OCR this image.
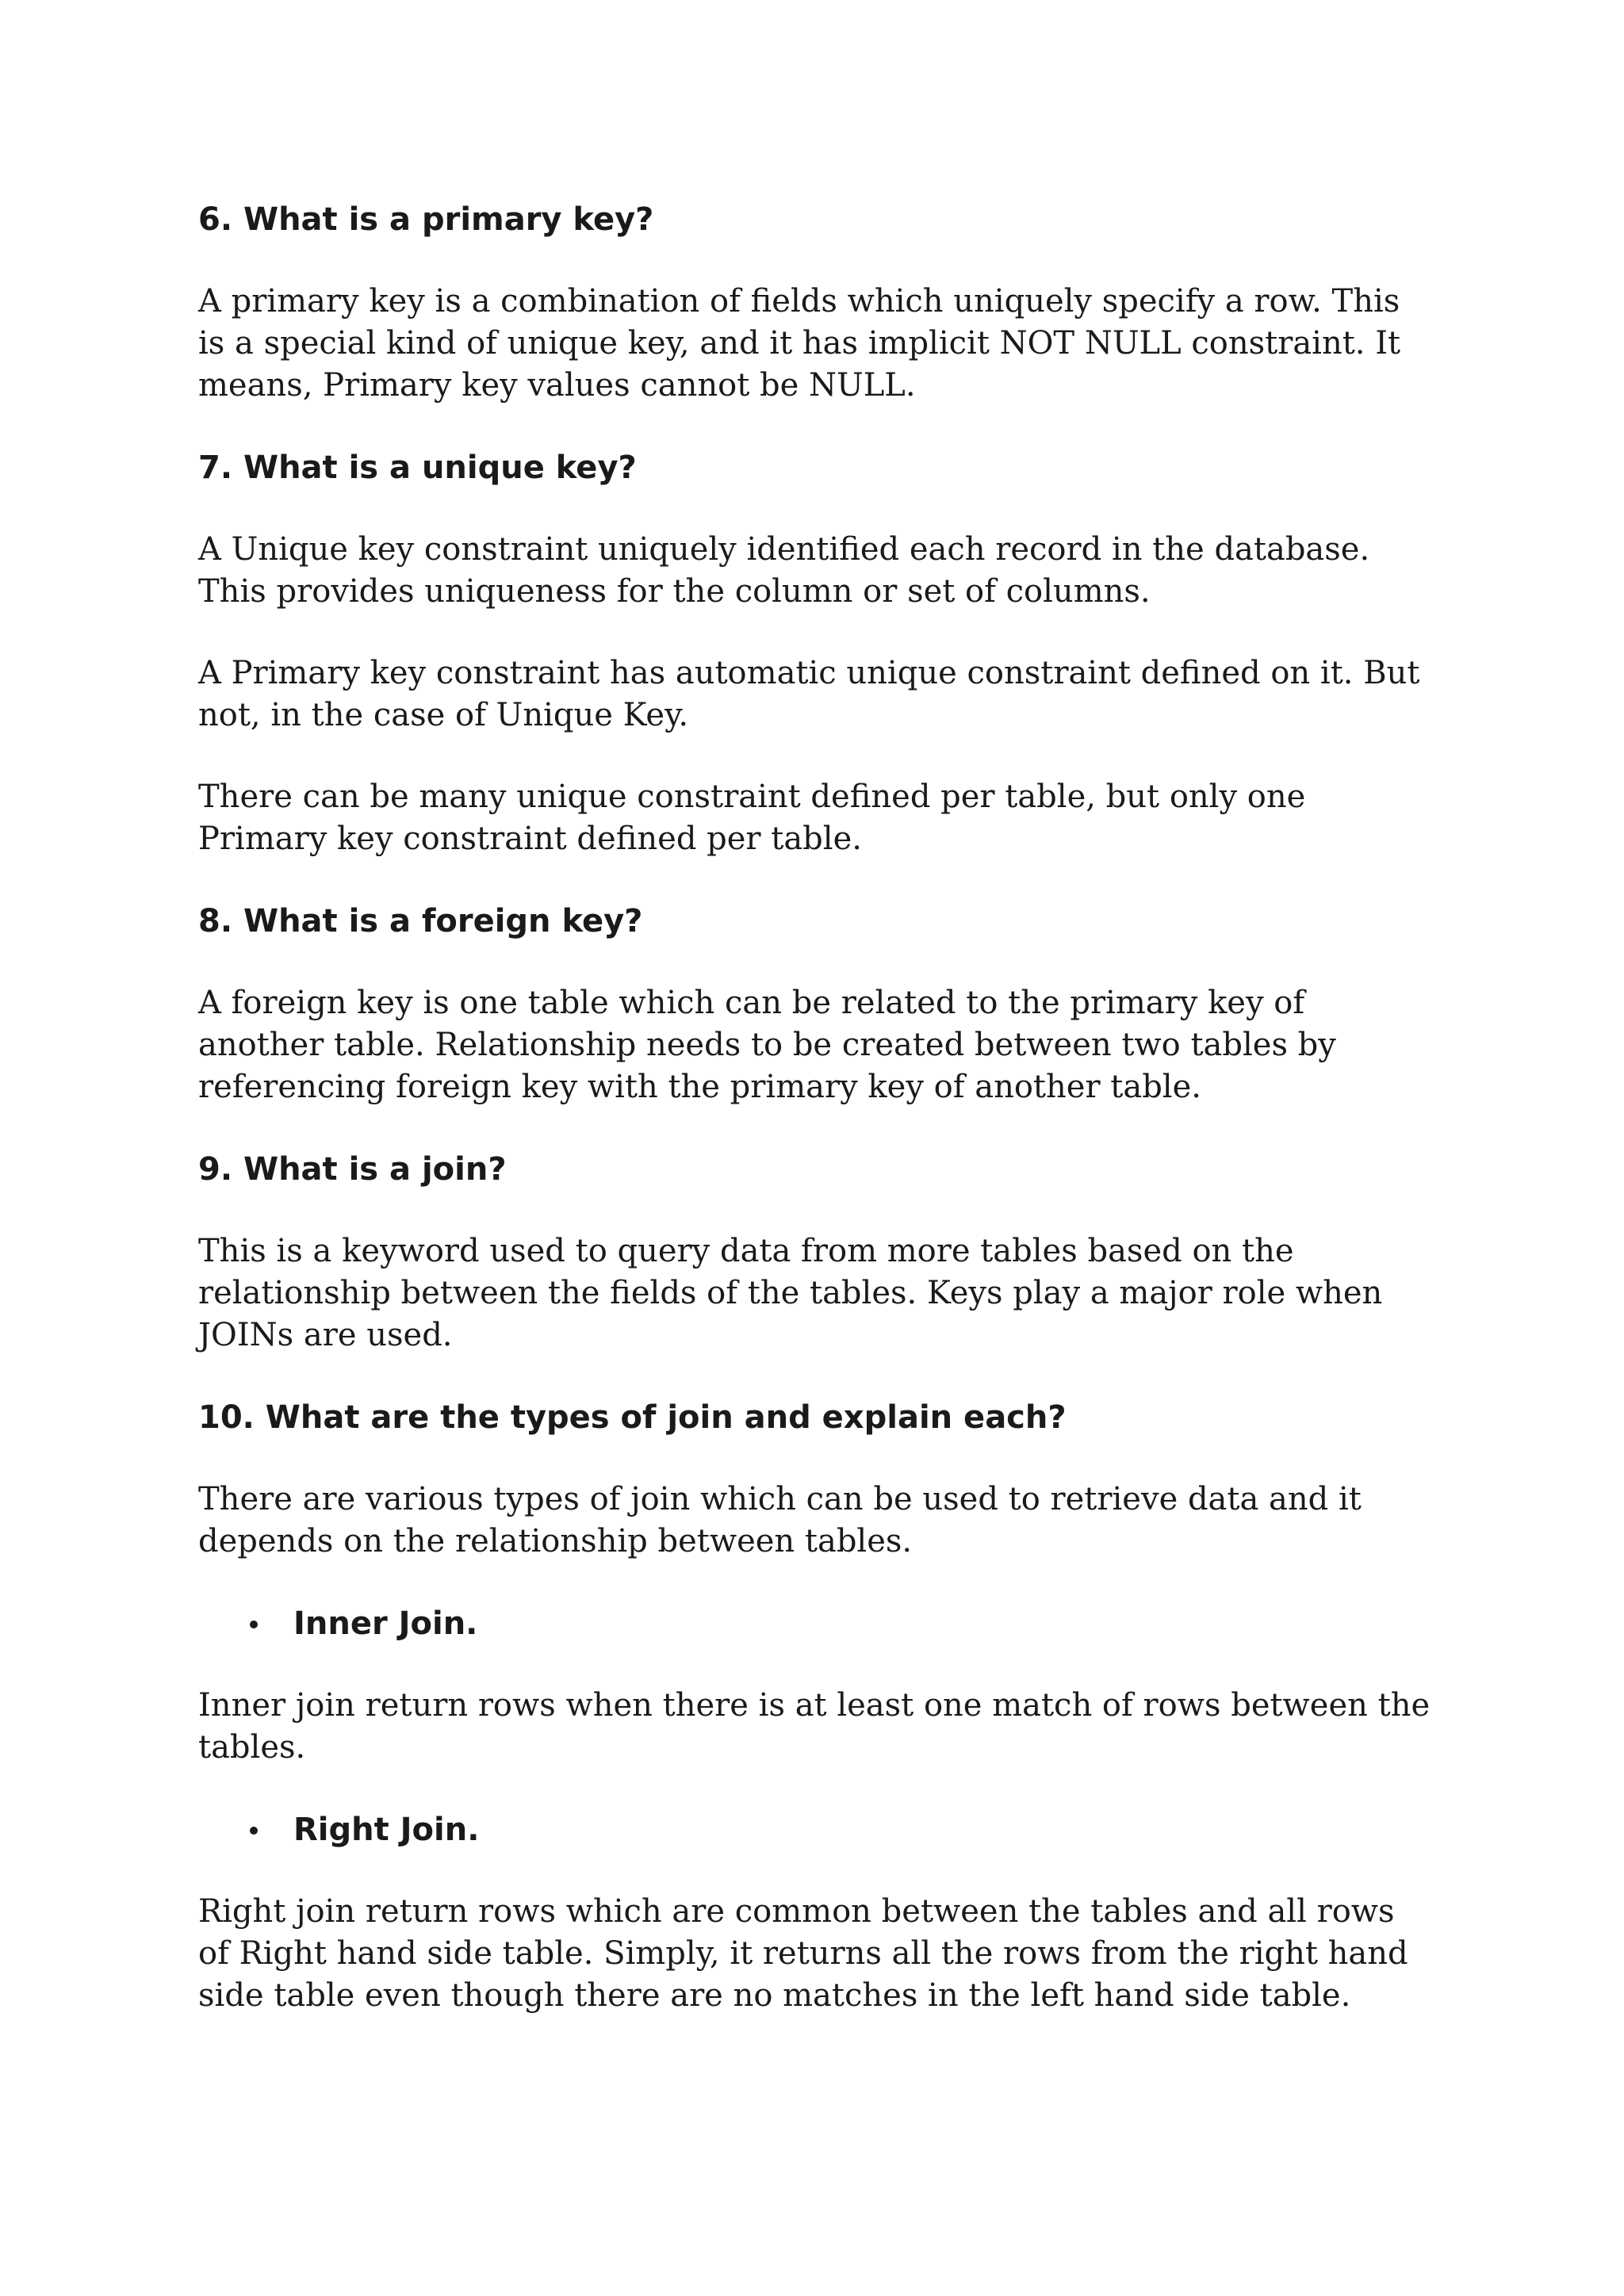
6. What is a primary key?
A primary key is a combination of fields which uniquely specify a row. This is a special kind of unique key, and it has implicit NOT NULL constraint. It means, Primary key values cannot be NULL.
7. What is a unique key?
A Unique key constraint uniquely identified each record in the database. This provides uniqueness for the column or set of columns.
A Primary key constraint has automatic unique constraint defined on it. But not, in the case of Unique Key.
There can be many unique constraint defined per table, but only one Primary key constraint defined per table.
8. What is a foreign key?
A foreign key is one table which can be related to the primary key of another table. Relationship needs to be created between two tables by referencing foreign key with the primary key of another table.
9. What is a join?
This is a keyword used to query data from more tables based on the relationship between the fields of the tables. Keys play a major role when JOINs are used.
10. What are the types of join and explain each?
There are various types of join which can be used to retrieve data and it depends on the relationship between tables.
Inner Join.
Inner join return rows when there is at least one match of rows between the tables.
Right Join.
Right join return rows which are common between the tables and all rows of Right hand side table. Simply, it returns all the rows from the right hand side table even though there are no matches in the left hand side table.
